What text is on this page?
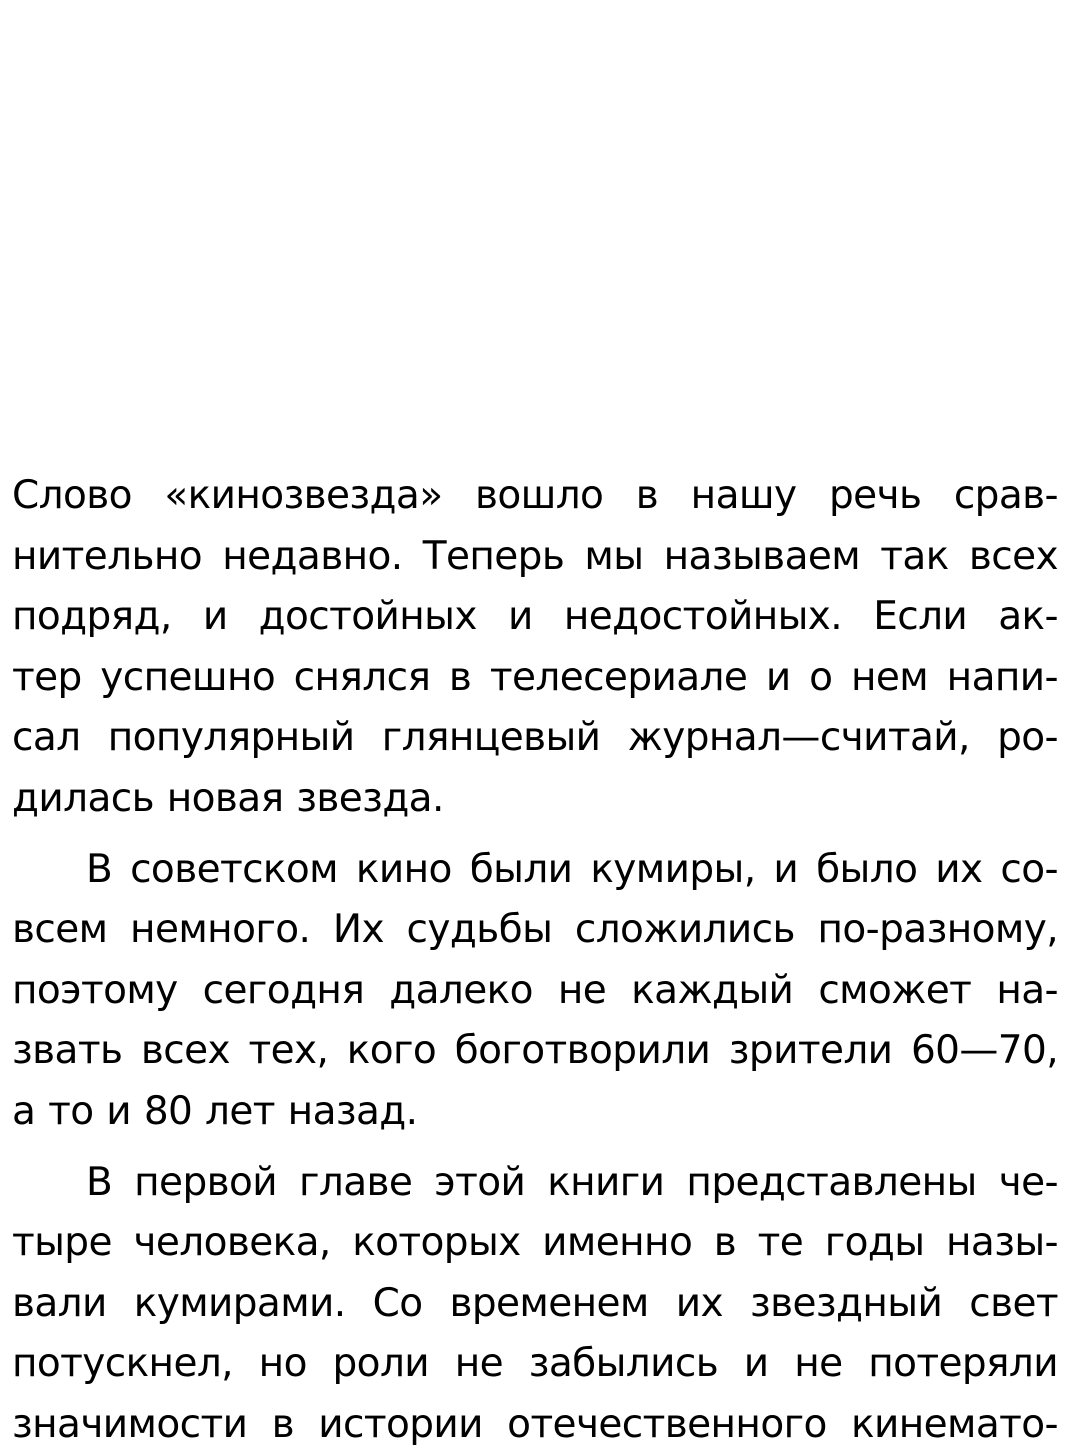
Слово «кинозвезда» вошло в нашу речь срав-
нительно недавно. Теперь мы называем так всех
подряд, и достойных и недостойных. Если ак-
тер успешно снялся в телесериале и о нем напи-
сал популярный глянцевый журнал—считай, ро-
дилась новая звезда.

В советском кино были кумиры, и было их со-
всем немного. Их судьбы сложились по-разному,
поэтому сегодня далеко не каждый сможет на-
звать всех тех, кого боготворили зрители 60—70,
а то и 80 лет назад.

В первой главе этой книги представлены че-
тыре человека, которых именно в те годы назы-
вали кумирами. Со временем их звездный свет
потускнел, но роли не забылись и не потеряли
значимости в истории отечественного кинемато-
